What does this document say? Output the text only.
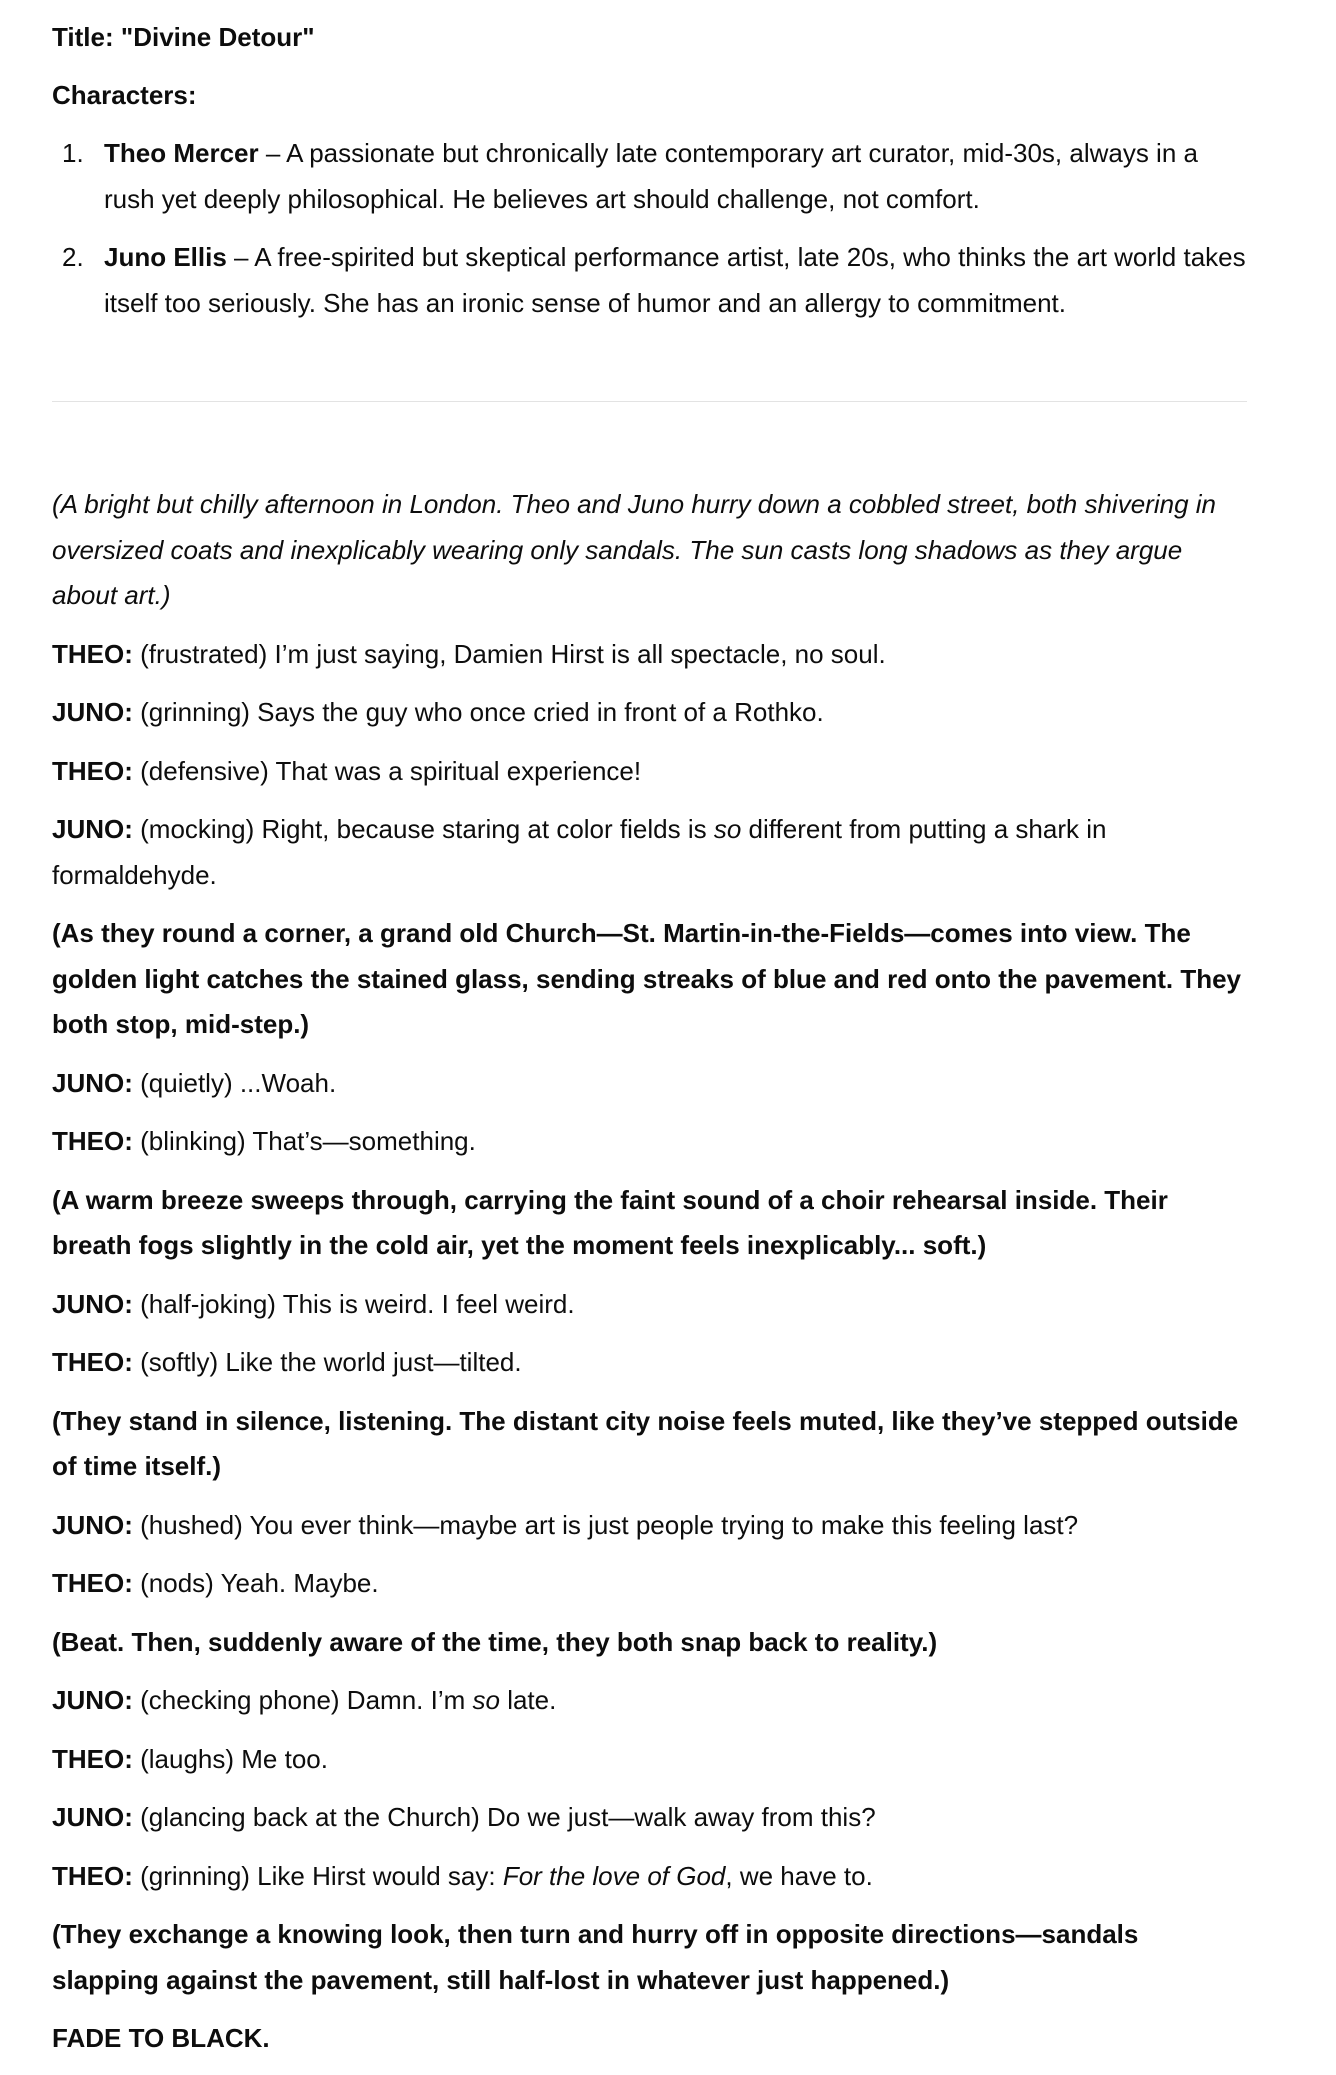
Title: "Divine Detour"

Characters:

1. Theo Mercer – A passionate but chronically late contemporary art curator, mid-30s, always in a rush yet deeply philosophical. He believes art should challenge, not comfort.
2. Juno Ellis – A free-spirited but skeptical performance artist, late 20s, who thinks the art world takes itself too seriously. She has an ironic sense of humor and an allergy to commitment.

(A bright but chilly afternoon in London. Theo and Juno hurry down a cobbled street, both shivering in oversized coats and inexplicably wearing only sandals. The sun casts long shadows as they argue about art.)

THEO: (frustrated) I’m just saying, Damien Hirst is all spectacle, no soul.

JUNO: (grinning) Says the guy who once cried in front of a Rothko.

THEO: (defensive) That was a spiritual experience!

JUNO: (mocking) Right, because staring at color fields is so different from putting a shark in formaldehyde.

(As they round a corner, a grand old Church—St. Martin-in-the-Fields—comes into view. The golden light catches the stained glass, sending streaks of blue and red onto the pavement. They both stop, mid-step.)

JUNO: (quietly) ...Woah.

THEO: (blinking) That’s—something.

(A warm breeze sweeps through, carrying the faint sound of a choir rehearsal inside. Their breath fogs slightly in the cold air, yet the moment feels inexplicably... soft.)

JUNO: (half-joking) This is weird. I feel weird.

THEO: (softly) Like the world just—tilted.

(They stand in silence, listening. The distant city noise feels muted, like they’ve stepped outside of time itself.)

JUNO: (hushed) You ever think—maybe art is just people trying to make this feeling last?

THEO: (nods) Yeah. Maybe.

(Beat. Then, suddenly aware of the time, they both snap back to reality.)

JUNO: (checking phone) Damn. I’m so late.

THEO: (laughs) Me too.

JUNO: (glancing back at the Church) Do we just—walk away from this?

THEO: (grinning) Like Hirst would say: For the love of God, we have to.

(They exchange a knowing look, then turn and hurry off in opposite directions—sandals slapping against the pavement, still half-lost in whatever just happened.)

FADE TO BLACK.
